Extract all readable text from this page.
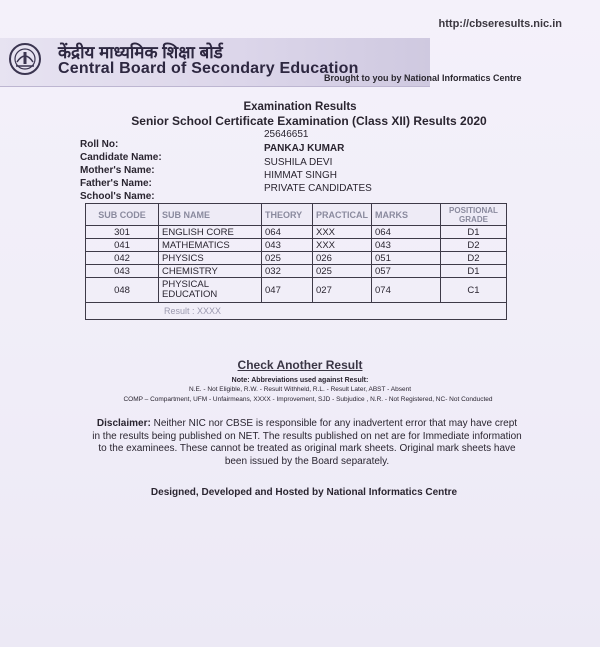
http://cbseresults.nic.in
केंद्रीय माध्यमिक शिक्षा बोर्ड
Central Board of Secondary Education
Brought to you by National Informatics Centre
Examination Results
Senior School Certificate Examination (Class XII) Results 2020
Roll No:
25646651
Candidate Name:
PANKAJ KUMAR
Mother's Name:
SUSHILA DEVI
Father's Name:
HIMMAT SINGH
School's Name:
PRIVATE CANDIDATES
SUB CODE	SUB NAME	THEORY	PRACTICAL	MARKS	POSITIONAL GRADE
301	ENGLISH CORE	064	XXX	064	D1
041	MATHEMATICS	043	XXX	043	D2
042	PHYSICS	025	026	051	D2
043	CHEMISTRY	032	025	057	D1
048	PHYSICAL EDUCATION	047	027	074	C1
Result : XXXX					
Check Another Result
Note: Abbreviations used against Result:
N.E. - Not Eligible, R.W. - Result Withheld, R.L. - Result Later, ABST - Absent
COMP – Compartment, UFM - Unfairmeans, XXXX - Improvement, SJD - Subjudice , N.R. - Not Registered, NC- Not Conducted
Disclaimer: Neither NIC nor CBSE is responsible for any inadvertent error that may have crept in the results being published on NET. The results published on net are for Immediate information to the examinees. These cannot be treated as original mark sheets. Original mark sheets have been issued by the Board separately.
Designed, Developed and Hosted by National Informatics Centre
